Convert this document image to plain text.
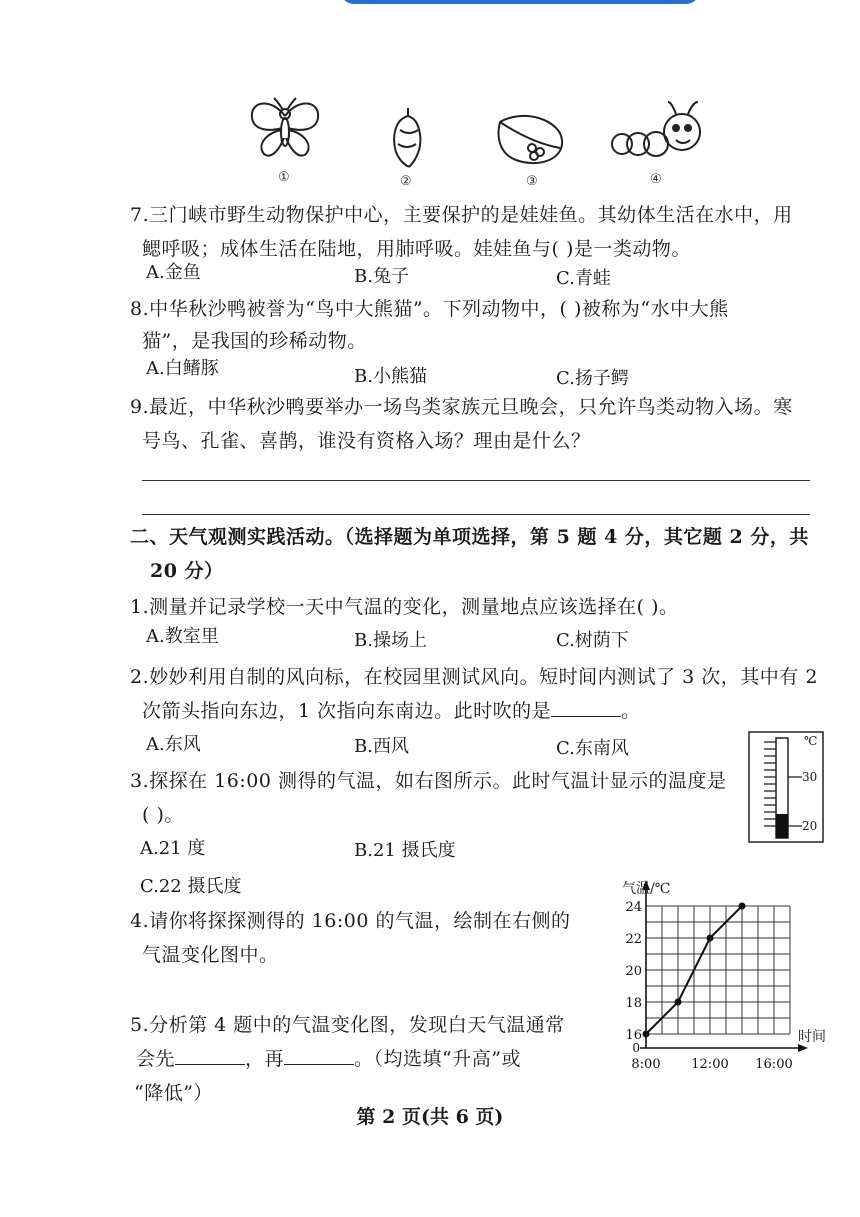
①	②	③	④
7.三门峡市野生动物保护中心，主要保护的是娃娃鱼。其幼体生活在水中，用
鳃呼吸；成体生活在陆地，用肺呼吸。娃娃鱼与( )是一类动物。
A.金鱼	B.兔子	C.青蛙
8.中华秋沙鸭被誉为“鸟中大熊猫”。下列动物中，( )被称为“水中大熊
猫”，是我国的珍稀动物。
A.白鳍豚	B.小熊猫	C.扬子鳄
9.最近，中华秋沙鸭要举办一场鸟类家族元旦晚会，只允许鸟类动物入场。寒
号鸟、孔雀、喜鹊，谁没有资格入场？理由是什么？
二、天气观测实践活动。（选择题为单项选择，第 5 题 4 分，其它题 2 分，共
20 分）
1.测量并记录学校一天中气温的变化，测量地点应该选择在( )。
A.教室里	B.操场上	C.树荫下
2.妙妙利用自制的风向标，在校园里测试风向。短时间内测试了 3 次，其中有 2
次箭头指向东边，1 次指向东南边。此时吹的是	。
A.东风	B.西风	C.东南风	℃
30
20
3.探探在 16:00 测得的气温，如右图所示。此时气温计显示的温度是
( )。
A.21 度	B.21 摄氏度
C.22 摄氏度
4.请你将探探测得的 16:00 的气温，绘制在右侧的
气温变化图中。
5.分析第 4 题中的气温变化图，发现白天气温通常
会先	，再	。（均选填“升高”或
“降低”）
16
18
20
22
24
0
8:00 12:00 16:00
气温/℃
时间
第 2 页(共 6 页)
